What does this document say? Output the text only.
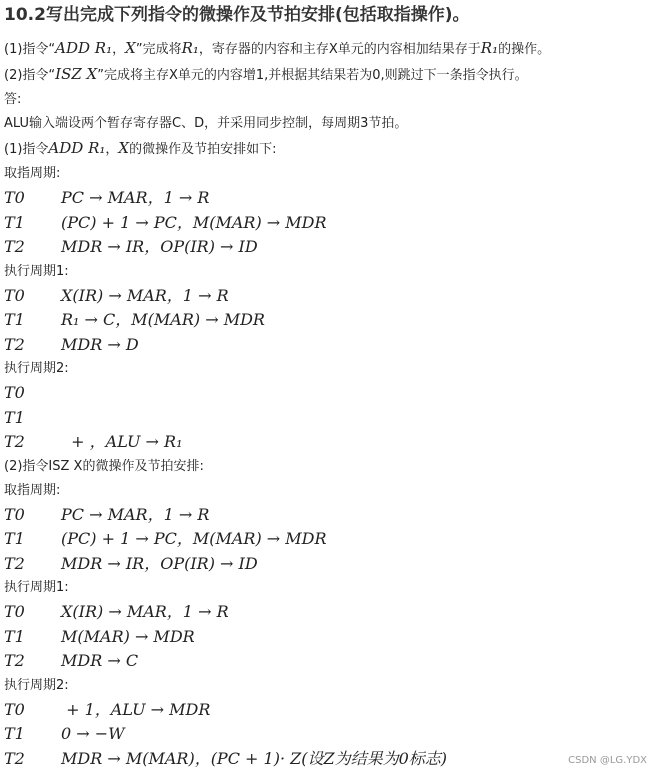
10.2写出完成下列指令的微操作及节拍安排(包括取指操作)。
(1)指令“ADD R₁，X”完成将R₁，寄存器的内容和主存X单元的内容相加结果存于R₁的操作。
(2)指令“ISZ X”完成将主存X单元的内容增1,并根据其结果若为0,则跳过下一条指令执行。
答:
ALU输入端设两个暂存寄存器C、D，并采用同步控制，每周期3节拍。
(1)指令ADD R₁，X的微操作及节拍安排如下:
取指周期:
T0	PC → MAR，1 → R
T1	(PC) + 1 → PC，M(MAR) → MDR
T2	MDR → IR，OP(IR) → ID
执行周期1:
T0	X(IR) → MAR，1 → R
T1	R₁ → C，M(MAR) → MDR
T2	MDR → D
执行周期2:
T0
T1
T2	+ ，ALU → R₁
(2)指令ISZ X的微操作及节拍安排:
取指周期:
T0	PC → MAR，1 → R
T1	(PC) + 1 → PC，M(MAR) → MDR
T2	MDR → IR，OP(IR) → ID
执行周期1:
T0	X(IR) → MAR，1 → R
T1	M(MAR) → MDR
T2	MDR → C
执行周期2:
T0	+ 1，ALU → MDR
T1	0 → −W
T2	MDR → M(MAR)，(PC + 1)· Z(设Z为结果为0标志)	CSDN @LG.YDX
